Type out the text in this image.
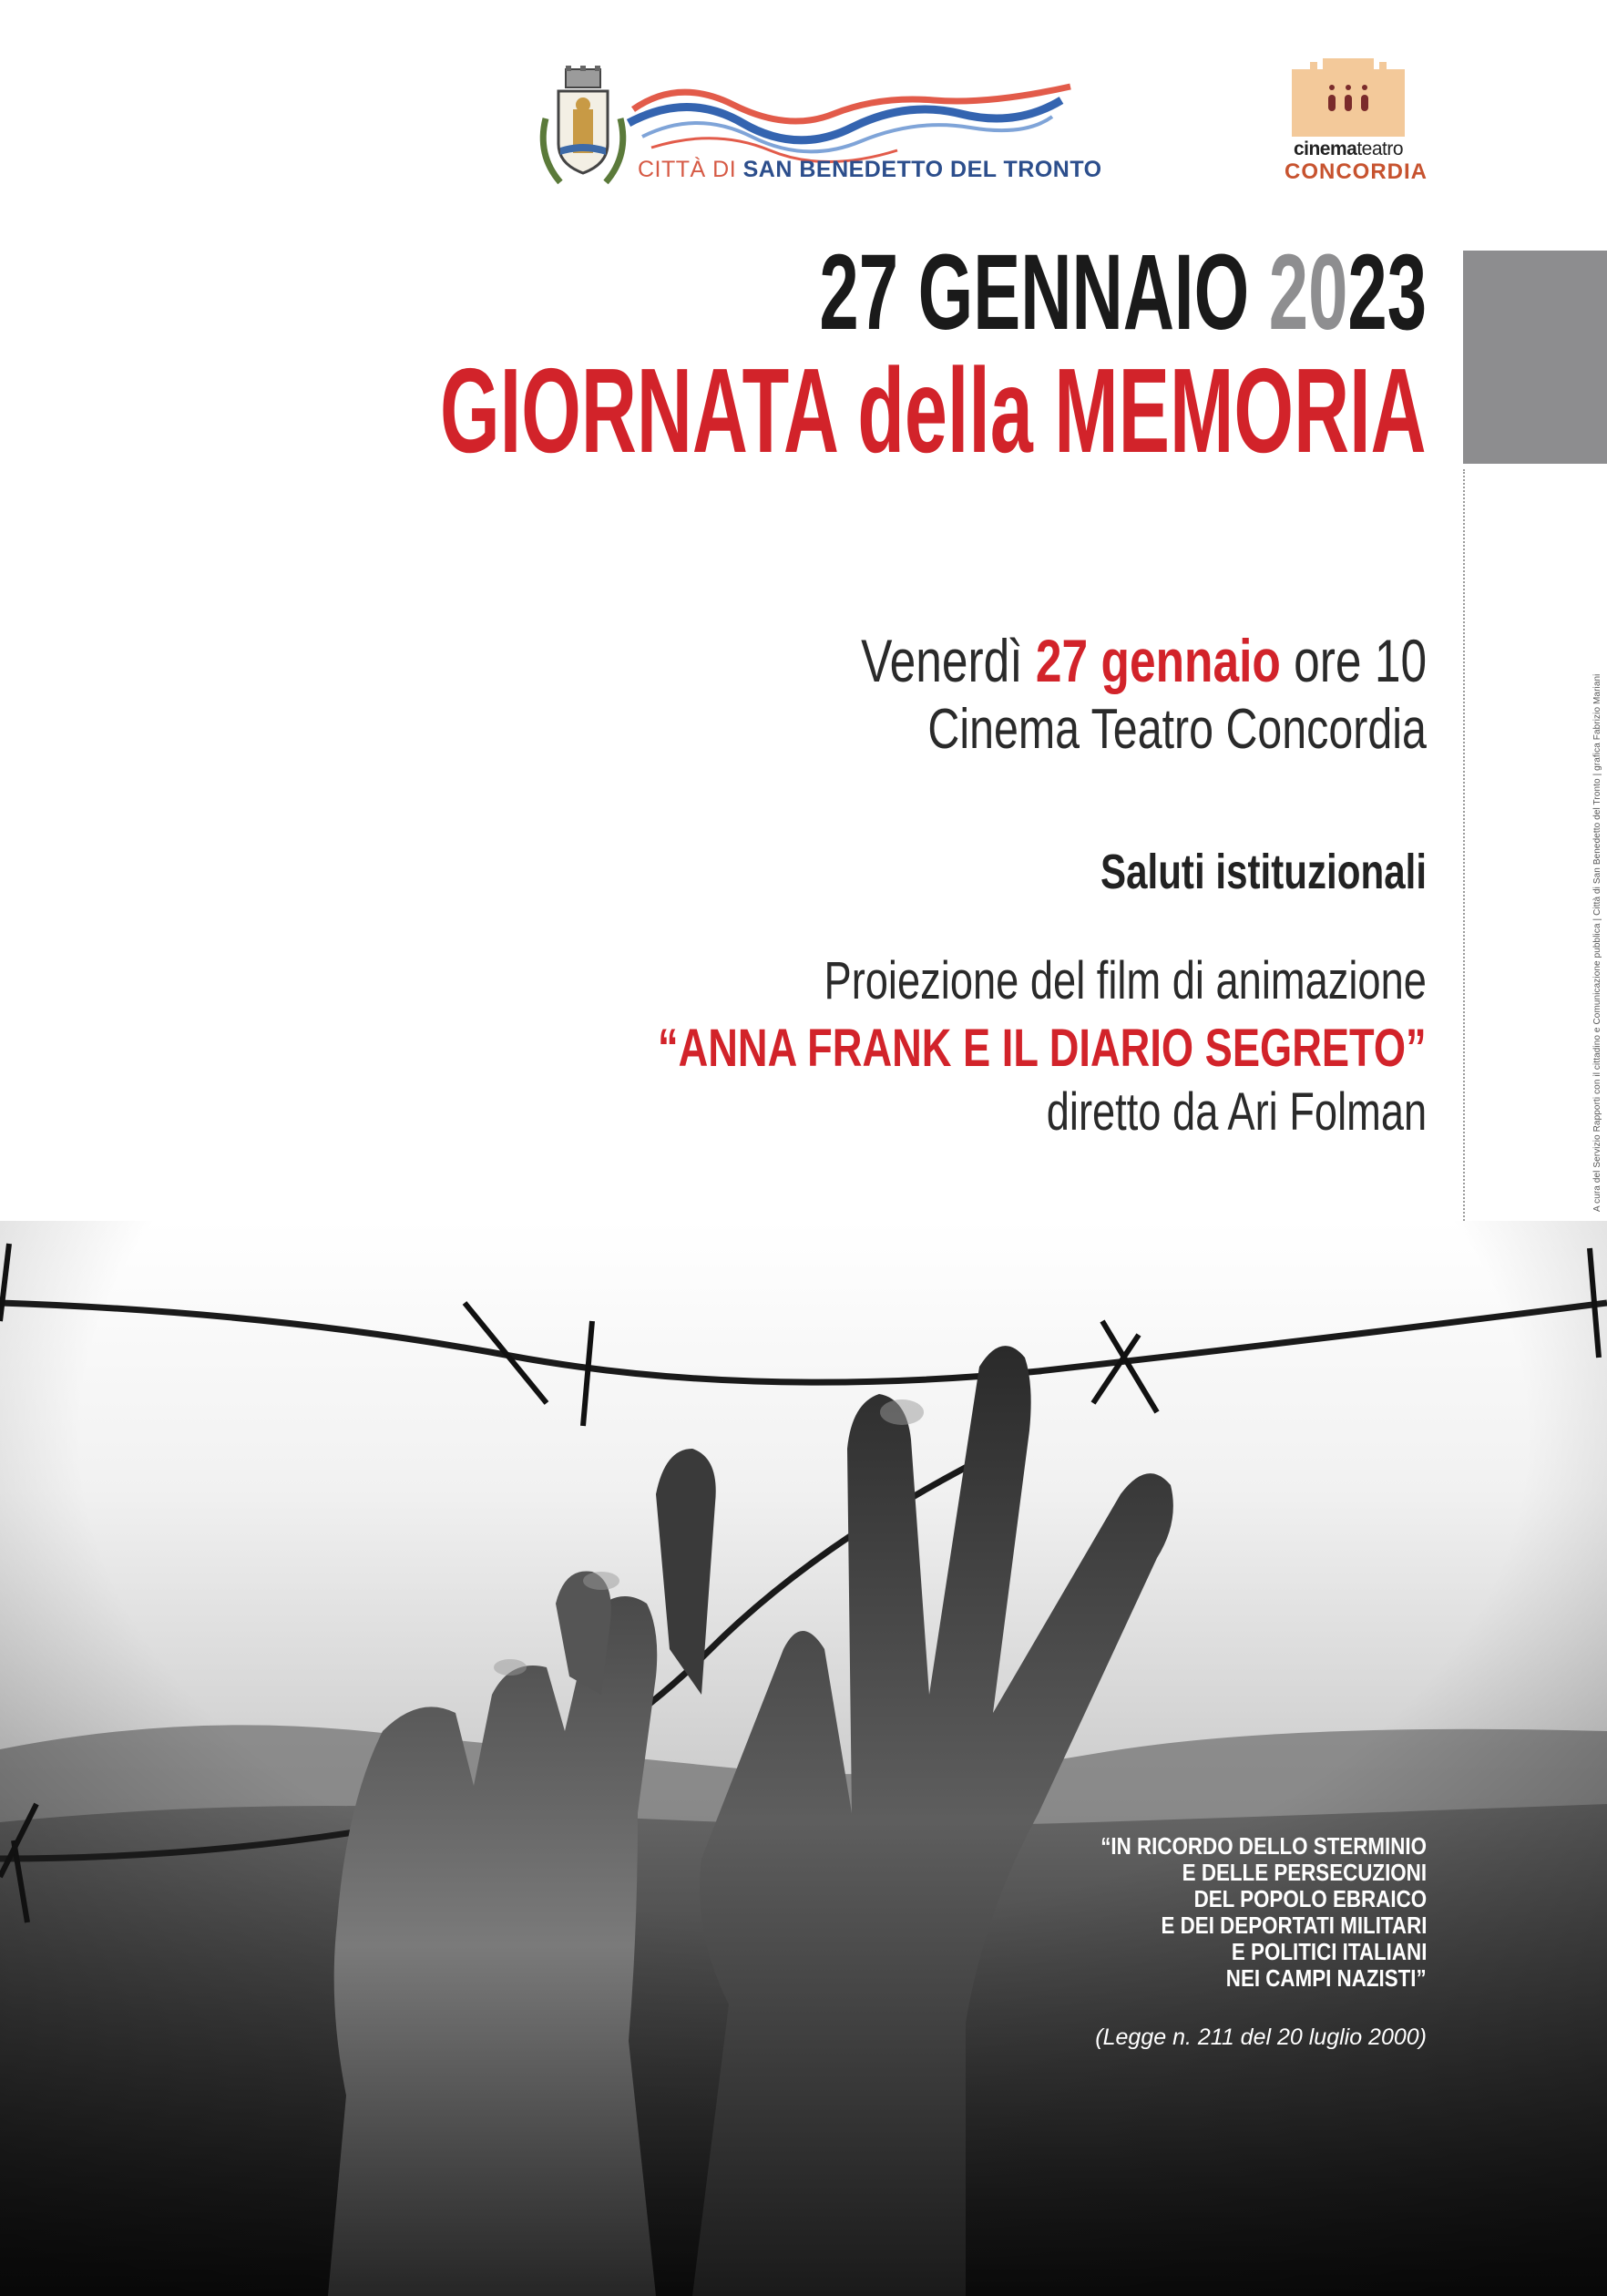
CITTÀ DI SAN BENEDETTO DEL TRONTO
cinemateatro
CONCORDIA
A cura del Servizio Rapporti con il cittadino e Comunicazione pubblica | Città di San Benedetto del Tronto | grafica Fabrizio Mariani
27 GENNAIO 2023
GIORNATA della MEMORIA
Venerdì 27 gennaio ore 10
Cinema Teatro Concordia
Saluti istituzionali
Proiezione del film di animazione
“ANNA FRANK E IL DIARIO SEGRETO”
diretto da Ari Folman
“IN RICORDO DELLO STERMINIO
E DELLE PERSECUZIONI
DEL POPOLO EBRAICO
E DEI DEPORTATI MILITARI
E POLITICI ITALIANI
NEI CAMPI NAZISTI”
(Legge n. 211 del 20 luglio 2000)
